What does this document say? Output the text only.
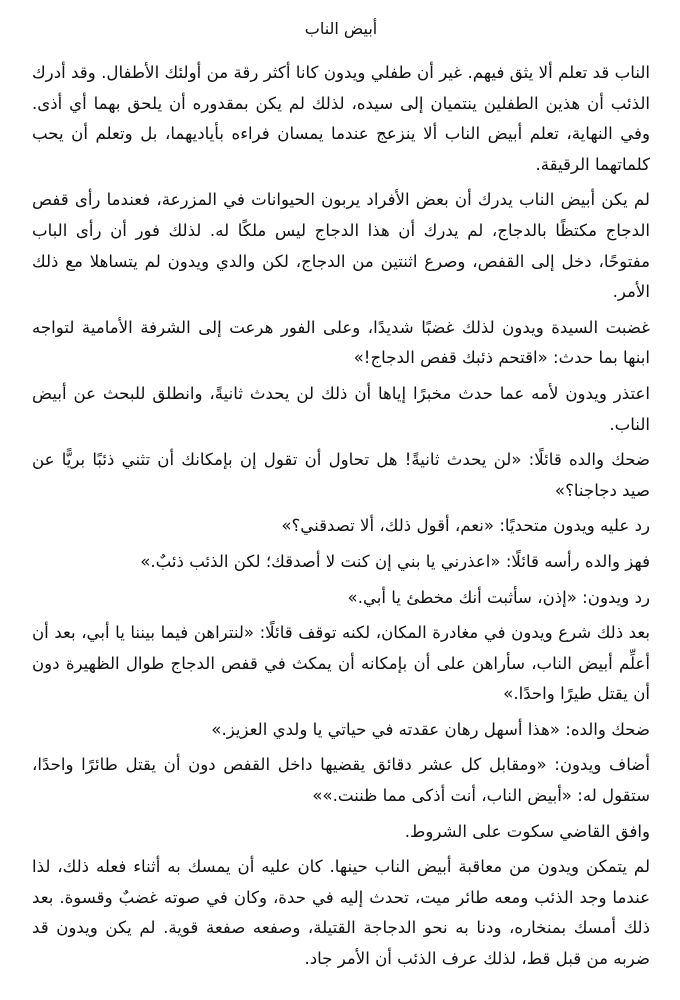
أبيض الناب

الناب قد تعلم ألا يثق فيهم. غير أن طفلي ويدون كانا أكثر رقة من أولئك الأطفال. وقد أدرك الذئب أن هذين الطفلين ينتميان إلى سيده، لذلك لم يكن بمقدوره أن يلحق بهما أي أذى. وفي النهاية، تعلم أبيض الناب ألا ينزعج عندما يمسان فراءه بأياديهما، بل وتعلم أن يحب كلماتهما الرقيقة.

لم يكن أبيض الناب يدرك أن بعض الأفراد يربون الحيوانات في المزرعة، فعندما رأى قفص الدجاج مكتظًا بالدجاج، لم يدرك أن هذا الدجاج ليس ملكًا له. لذلك فور أن رأى الباب مفتوحًا، دخل إلى القفص، وصرع اثنتين من الدجاج، لكن والدي ويدون لم يتساهلا مع ذلك الأمر.

غضبت السيدة ويدون لذلك غضبًا شديدًا، وعلى الفور هرعت إلى الشرفة الأمامية لتواجه ابنها بما حدث: «اقتحم ذئبك قفص الدجاج!»

اعتذر ويدون لأمه عما حدث مخبرًا إياها أن ذلك لن يحدث ثانيةً، وانطلق للبحث عن أبيض الناب.

ضحك والده قائلًا: «لن يحدث ثانيةً! هل تحاول أن تقول إن بإمكانك أن تثني ذئبًا بريًّا عن صيد دجاجنا؟»

رد عليه ويدون متحديًا: «نعم، أقول ذلك، ألا تصدقني؟»

فهز والده رأسه قائلًا: «اعذرني يا بني إن كنت لا أصدقك؛ لكن الذئب ذئبٌ.»

رد ويدون: «إذن، سأثبت أنك مخطئ يا أبي.»

بعد ذلك شرع ويدون في مغادرة المكان، لكنه توقف قائلًا: «لنتراهن فيما بيننا يا أبي، بعد أن أعلِّم أبيض الناب، سأراهن على أن بإمكانه أن يمكث في قفص الدجاج طوال الظهيرة دون أن يقتل طيرًا واحدًا.»

ضحك والده: «هذا أسهل رهان عقدته في حياتي يا ولدي العزيز.»

أضاف ويدون: «ومقابل كل عشر دقائق يقضيها داخل القفص دون أن يقتل طائرًا واحدًا، ستقول له: «أبيض الناب، أنت أذكى مما ظننت.»»

وافق القاضي سكوت على الشروط.

لم يتمكن ويدون من معاقبة أبيض الناب حينها. كان عليه أن يمسك به أثناء فعله ذلك، لذا عندما وجد الذئب ومعه طائر ميت، تحدث إليه في حدة، وكان في صوته غضبٌ وقسوة. بعد ذلك أمسك بمنخاره، ودنا به نحو الدجاجة القتيلة، وصفعه صفعة قوية. لم يكن ويدون قد ضربه من قبل قط، لذلك عرف الذئب أن الأمر جاد.
